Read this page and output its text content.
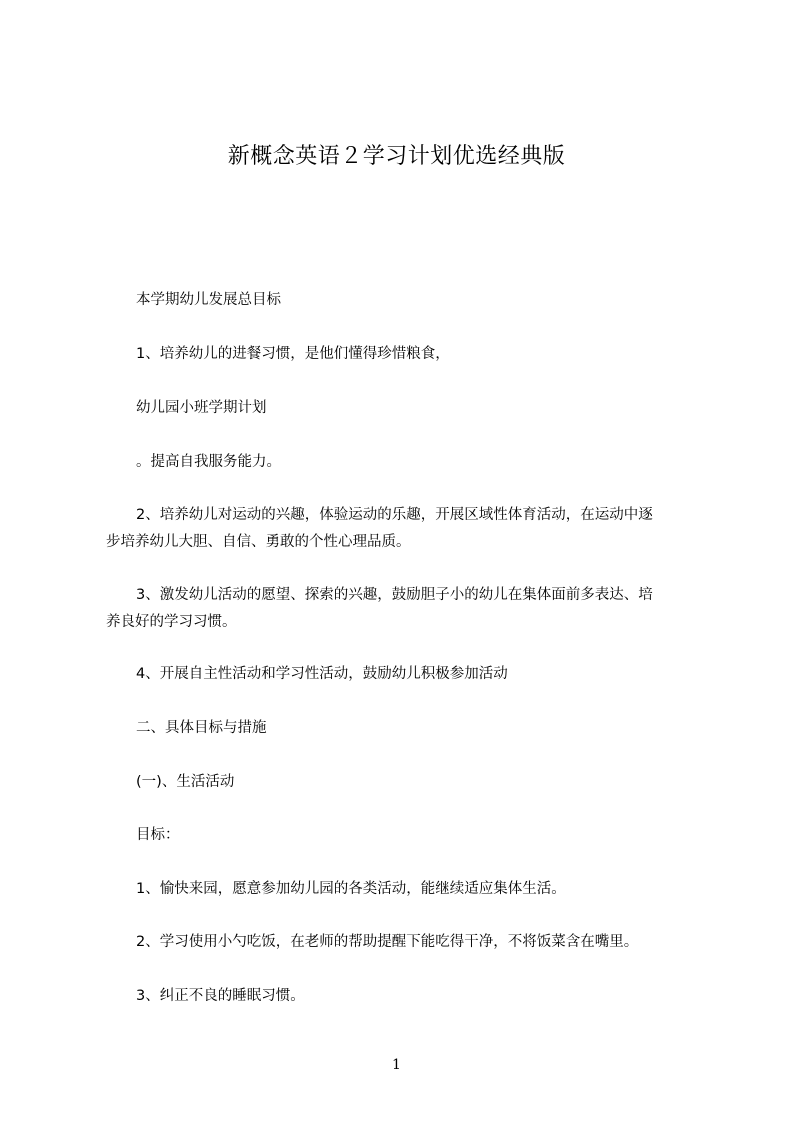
新概念英语２学习计划优选经典版
本学期幼儿发展总目标
1、培养幼儿的进餐习惯，是他们懂得珍惜粮食，
幼儿园小班学期计划
。提高自我服务能力。
2、培养幼儿对运动的兴趣，体验运动的乐趣，开展区域性体育活动，在运动中逐
步培养幼儿大胆、自信、勇敢的个性心理品质。
3、激发幼儿活动的愿望、探索的兴趣，鼓励胆子小的幼儿在集体面前多表达、培
养良好的学习习惯。
4、开展自主性活动和学习性活动，鼓励幼儿积极参加活动
二、具体目标与措施
(一)、生活活动
目标：
1、愉快来园，愿意参加幼儿园的各类活动，能继续适应集体生活。
2、学习使用小勺吃饭，在老师的帮助提醒下能吃得干净，不将饭菜含在嘴里。
3、纠正不良的睡眠习惯。
1
